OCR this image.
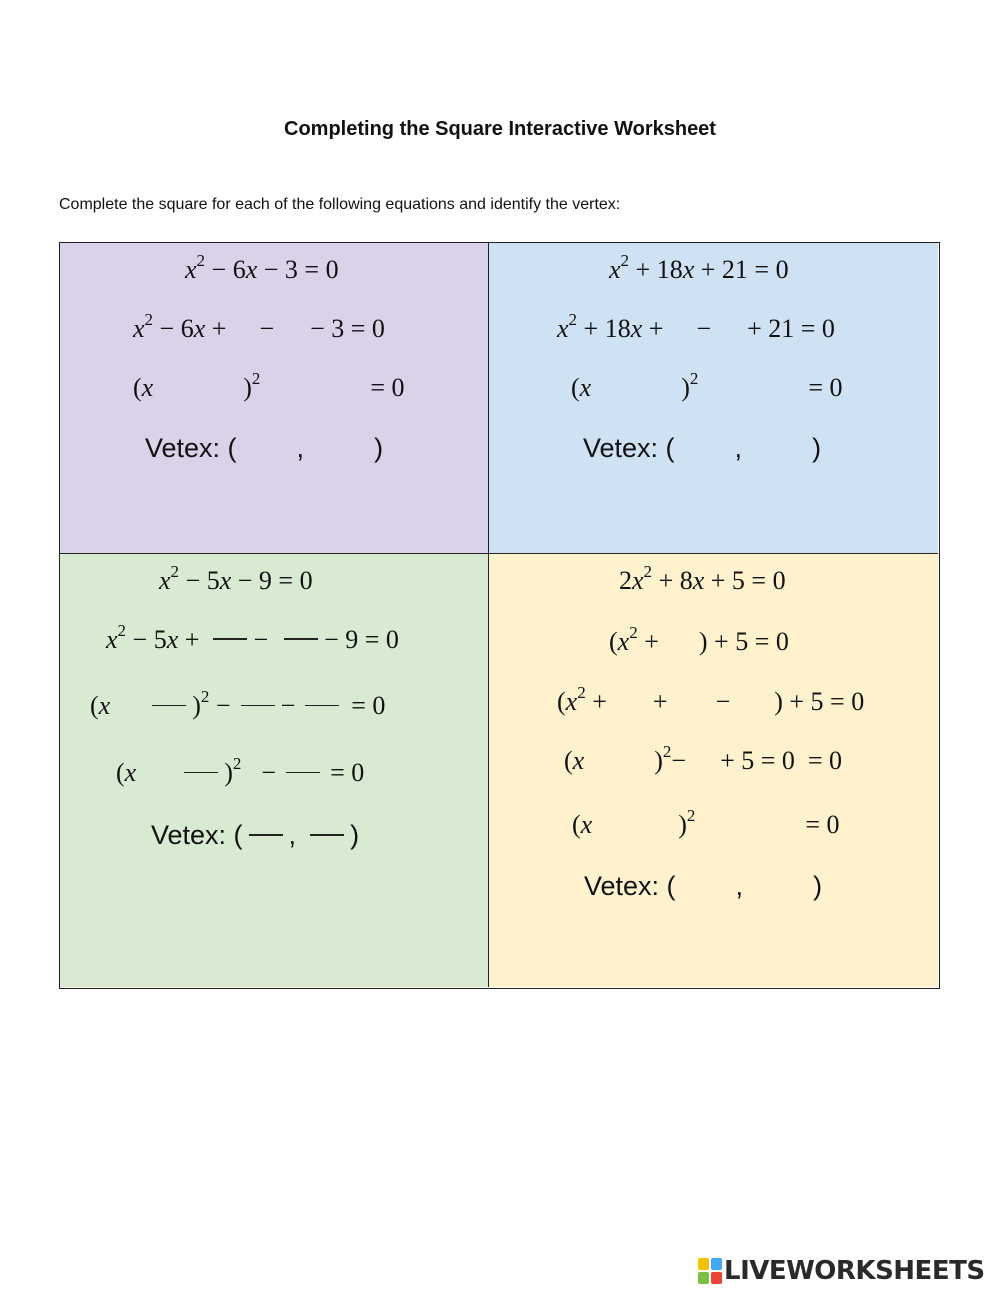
Completing the Square Interactive Worksheet
Complete the square for each of the following equations and identify the vertex:
$x^2 - 6x - 3 = 0$
$x^2 - 6x$ + − − 3 = 0
(x	)$^2$	= 0
Vetex: ( ,	)
$x^2 + 18x + 21 = 0$
$x^2 + 18x$ + − + 21 = 0
(x	)$^2$	= 0
Vetex: ( ,	)
$x^2 - 5x - 9 = 0$
$x^2 - 5x$ + − − 9 = 0
(x	)$^2$ − − = 0
(x	)$^2$ − = 0
Vetex: ( , )
$2x^2 + 8x + 5 = 0$
($x^2$ + ) + 5 = 0
($x^2$ + + − ) + 5 = 0
(x	)$^2$− + 5 = 0  = 0
(x	)$^2$	= 0
Vetex: ( ,	)
LIVEWORKSHEETS
